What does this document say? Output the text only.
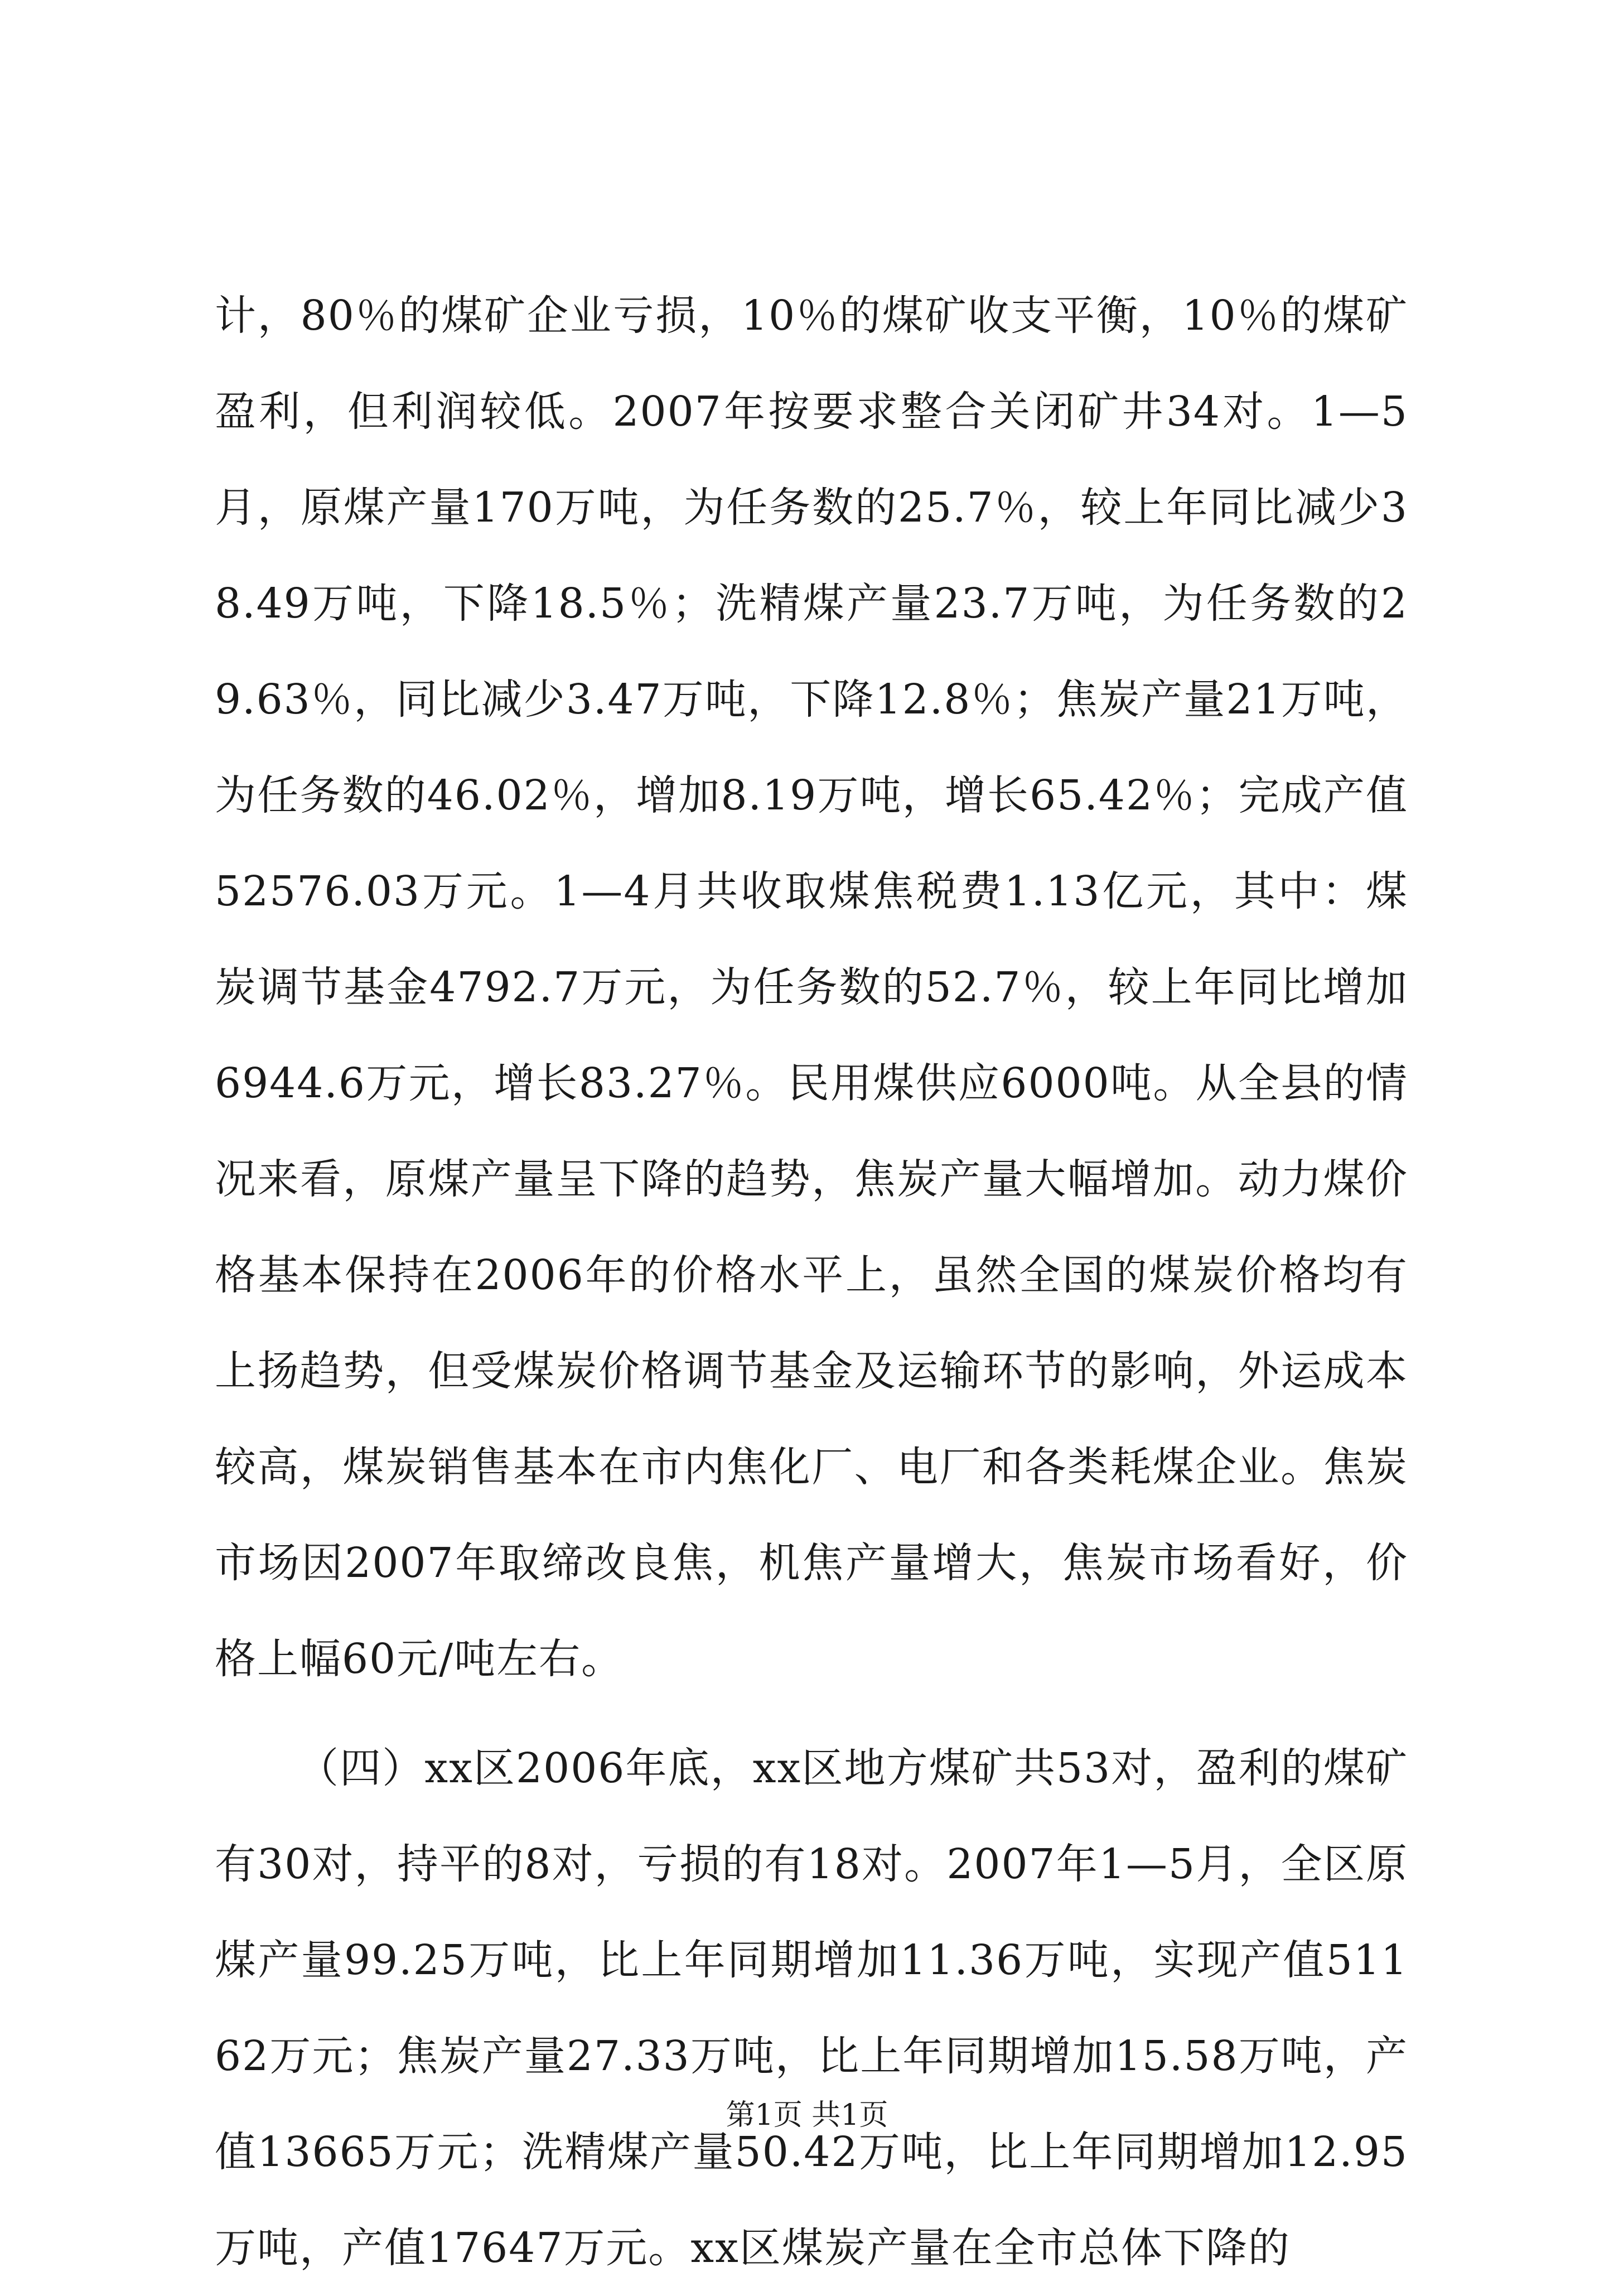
计，80％的煤矿企业亏损，10％的煤矿收支平衡，10％的煤矿盈利，但利润较低。2007年按要求整合关闭矿井34对。1—5月，原煤产量170万吨，为任务数的25.7％，较上年同比减少38.49万吨，下降18.5％；洗精煤产量23.7万吨，为任务数的29.63％，同比减少3.47万吨，下降12.8％；焦炭产量21万吨，为任务数的46.02％，增加8.19万吨，增长65.42％；完成产值52576.03万元。1—4月共收取煤焦税费1.13亿元，其中：煤炭调节基金4792.7万元，为任务数的52.7％，较上年同比增加6944.6万元，增长83.27％。民用煤供应6000吨。从全县的情况来看，原煤产量呈下降的趋势，焦炭产量大幅增加。动力煤价格基本保持在2006年的价格水平上，虽然全国的煤炭价格均有上扬趋势，但受煤炭价格调节基金及运输环节的影响，外运成本较高，煤炭销售基本在市内焦化厂、电厂和各类耗煤企业。焦炭市场因2007年取缔改良焦，机焦产量增大，焦炭市场看好，价格上幅60元/吨左右。

（四）xx区2006年底，xx区地方煤矿共53对，盈利的煤矿有30对，持平的8对，亏损的有18对。2007年1—5月，全区原煤产量99.25万吨，比上年同期增加11.36万吨，实现产值51162万元；焦炭产量27.33万吨，比上年同期增加15.58万吨，产值13665万元；洗精煤产量50.42万吨，比上年同期增加12.95万吨，产值17647万元。xx区煤炭产量在全市总体下降的

第1页 共1页
